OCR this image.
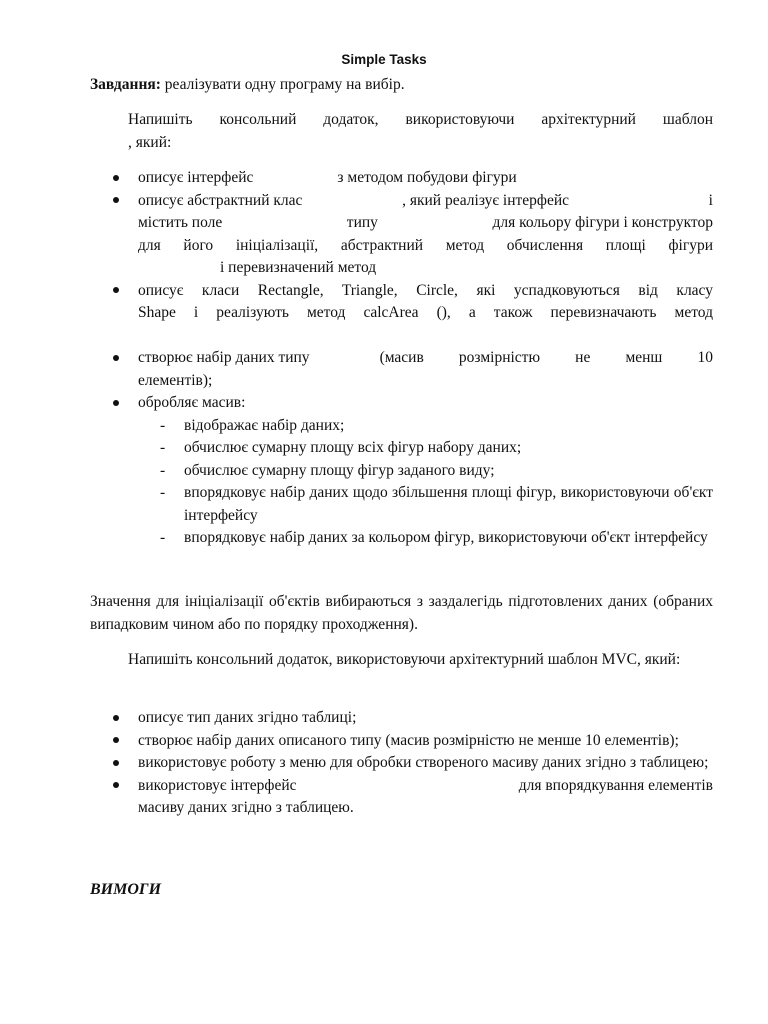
Simple Tasks
Завдання: реалізувати одну програму на вибір.
Напишіть консольний додаток, використовуючи архітектурний шаблон
, який:
описує інтерфейс	з методом побудови фігури
описує абстрактний клас	, який реалізує інтерфейс	і
містить поле	типу	для кольору фігури і конструктор
для його ініціалізації, абстрактний метод обчислення площі фігури
і перевизначений метод
описує класи Rectangle, Triangle, Circle, які успадковуються від класу
Shape і реалізують метод calcArea (), а також перевизначають метод
створює набір даних типу	(масив розмірністю не менш 10
елементів);
обробляє масив:
- відображає набір даних;
- обчислює сумарну площу всіх фігур набору даних;
- обчислює сумарну площу фігур заданого виду;
- впорядковує набір даних щодо збільшення площі фігур, використовуючи об'єкт інтерфейсу
- впорядковує набір даних за кольором фігур, використовуючи об'єкт інтерфейсу
Значення для ініціалізації об'єктів вибираються з заздалегідь підготовлених даних (обраних випадковим чином або по порядку проходження).
Напишіть консольний додаток, використовуючи архітектурний шаблон MVC, який:
описує тип даних згідно таблиці;
створює набір даних описаного типу (масив розмірністю не менше 10 елементів);
використовує роботу з меню для обробки створеного масиву даних згідно з таблицею;
використовує інтерфейс	для впорядкування елементів
масиву даних згідно з таблицею.
ВИМОГИ
